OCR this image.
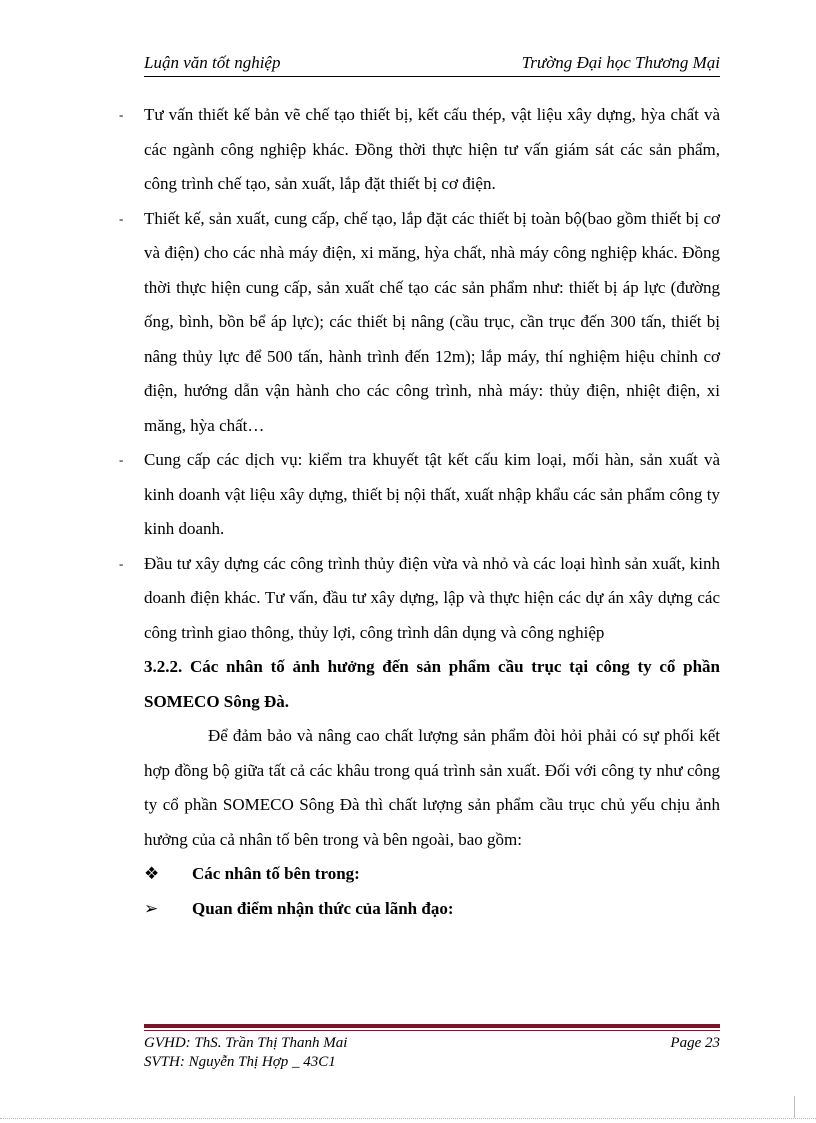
Luận văn tốt nghiệp	Trường Đại học Thương Mại

- Tư vấn thiết kế bản vẽ chế tạo thiết bị, kết cấu thép, vật liệu xây dựng, hỳa chất và các ngành công nghiệp khác. Đồng thời thực hiện tư vấn giám sát các sản phẩm, công trình chế tạo, sản xuất, lắp đặt thiết bị cơ điện.

- Thiết kế, sản xuất, cung cấp, chế tạo, lắp đặt các thiết bị toàn bộ(bao gồm thiết bị cơ và điện) cho các nhà máy điện, xi măng, hỳa chất, nhà máy công nghiệp khác. Đồng thời thực hiện cung cấp, sản xuất chế tạo các sản phẩm như: thiết bị áp lực (đường ống, bình, bồn bể áp lực); các thiết bị nâng (cầu trục, cần trục đến 300 tấn, thiết bị nâng thủy lực để 500 tấn, hành trình đến 12m); lắp máy, thí nghiệm hiệu chỉnh cơ điện, hướng dẫn vận hành cho các công trình, nhà máy: thủy điện, nhiệt điện, xi măng, hỳa chất…

- Cung cấp các dịch vụ: kiểm tra khuyết tật kết cấu kim loại, mối hàn, sản xuất và kinh doanh vật liệu xây dựng, thiết bị nội thất, xuất nhập khẩu các sản phẩm công ty kinh doanh.

- Đầu tư xây dựng các công trình thủy điện vừa và nhỏ và các loại hình sản xuất, kinh doanh điện khác. Tư vấn, đầu tư xây dựng, lập và thực hiện các dự án xây dựng các công trình giao thông, thủy lợi, công trình dân dụng và công nghiệp

3.2.2. Các nhân tố ảnh hưởng đến sản phẩm cầu trục tại công ty cổ phần SOMECO Sông Đà.

Để đảm bảo và nâng cao chất lượng sản phẩm đòi hỏi phải có sự phối kết hợp đồng bộ giữa tất cả các khâu trong quá trình sản xuất. Đối với công ty như công ty cổ phần SOMECO Sông Đà thì chất lượng sản phẩm cầu trục chủ yếu chịu ảnh hưởng của cả nhân tố bên trong và bên ngoài, bao gồm:

❖ Các nhân tố bên trong:

➢ Quan điểm nhận thức của lãnh đạo:

GVHD: ThS. Trần Thị Thanh Mai
SVTH: Nguyễn Thị Hợp _ 43C1
Page 23
